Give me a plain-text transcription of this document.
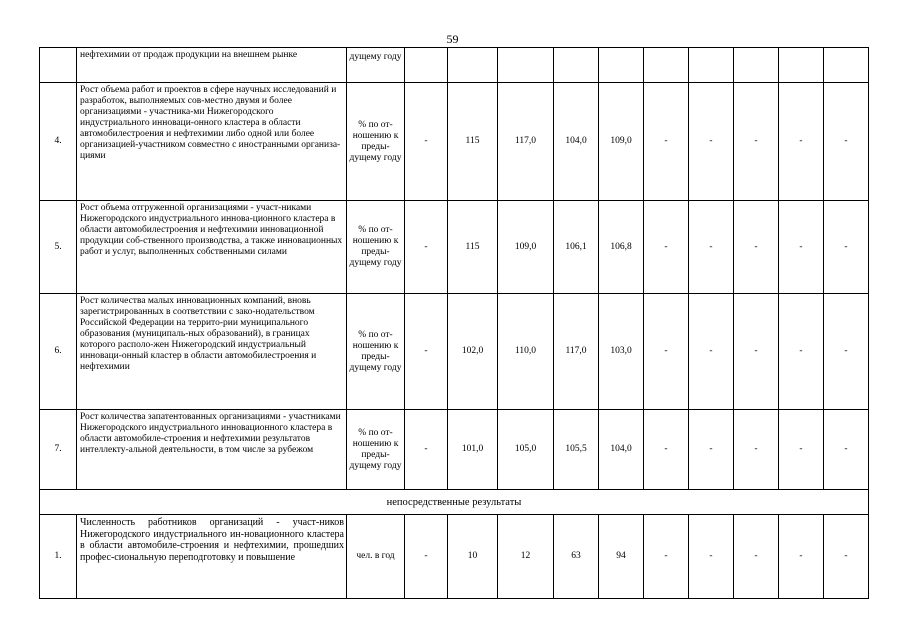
59
	нефтехимии от продаж продукции на внешнем рынке	дущему году										
4.	Рост объема работ и проектов в сфере научных исследований и разработок, выполняемых сов-местно двумя и более организациями - участника-ми Нижегородского индустриального инноваци-онного кластера в области автомобилестроения и нефтехимии либо одной или более организацией-участником совместно с иностранными организа-циями	% по от-ношению к преды-дущему году	-	115	117,0	104,0	109,0	-	-	-	-	-
5.	Рост объема отгруженной организациями - участ-никами Нижегородского индустриального иннова-ционного кластера в области автомобилестроения и нефтехимии инновационной продукции соб-ственного производства, а также инновационных работ и услуг, выполненных собственными силами	% по от-ношению к преды-дущему году	-	115	109,0	106,1	106,8	-	-	-	-	-
6.	Рост количества малых инновационных компаний, вновь зарегистрированных в соответствии с зако-нодательством Российской Федерации на террито-рии муниципального образования (муниципаль-ных образований), в границах которого располо-жен Нижегородский индустриальный инноваци-онный кластер в области автомобилестроения и нефтехимии	% по от-ношению к преды-дущему году	-	102,0	110,0	117,0	103,0	-	-	-	-	-
7.	Рост количества запатентованных организациями - участниками Нижегородского индустриального инновационного кластера в области автомобиле-строения и нефтехимии результатов интеллекту-альной деятельности, в том числе за рубежом	% по от-ношению к преды-дущему году	-	101,0	105,0	105,5	104,0	-	-	-	-	-
непосредственные результаты												
1.	Численность работников организаций - участ-ников Нижегородского индустриального ин-новационного кластера в области автомобиле-строения и нефтехимии, прошедших профес-сиональную переподготовку и повышение	чел. в год	-	10	12	63	94	-	-	-	-	-
